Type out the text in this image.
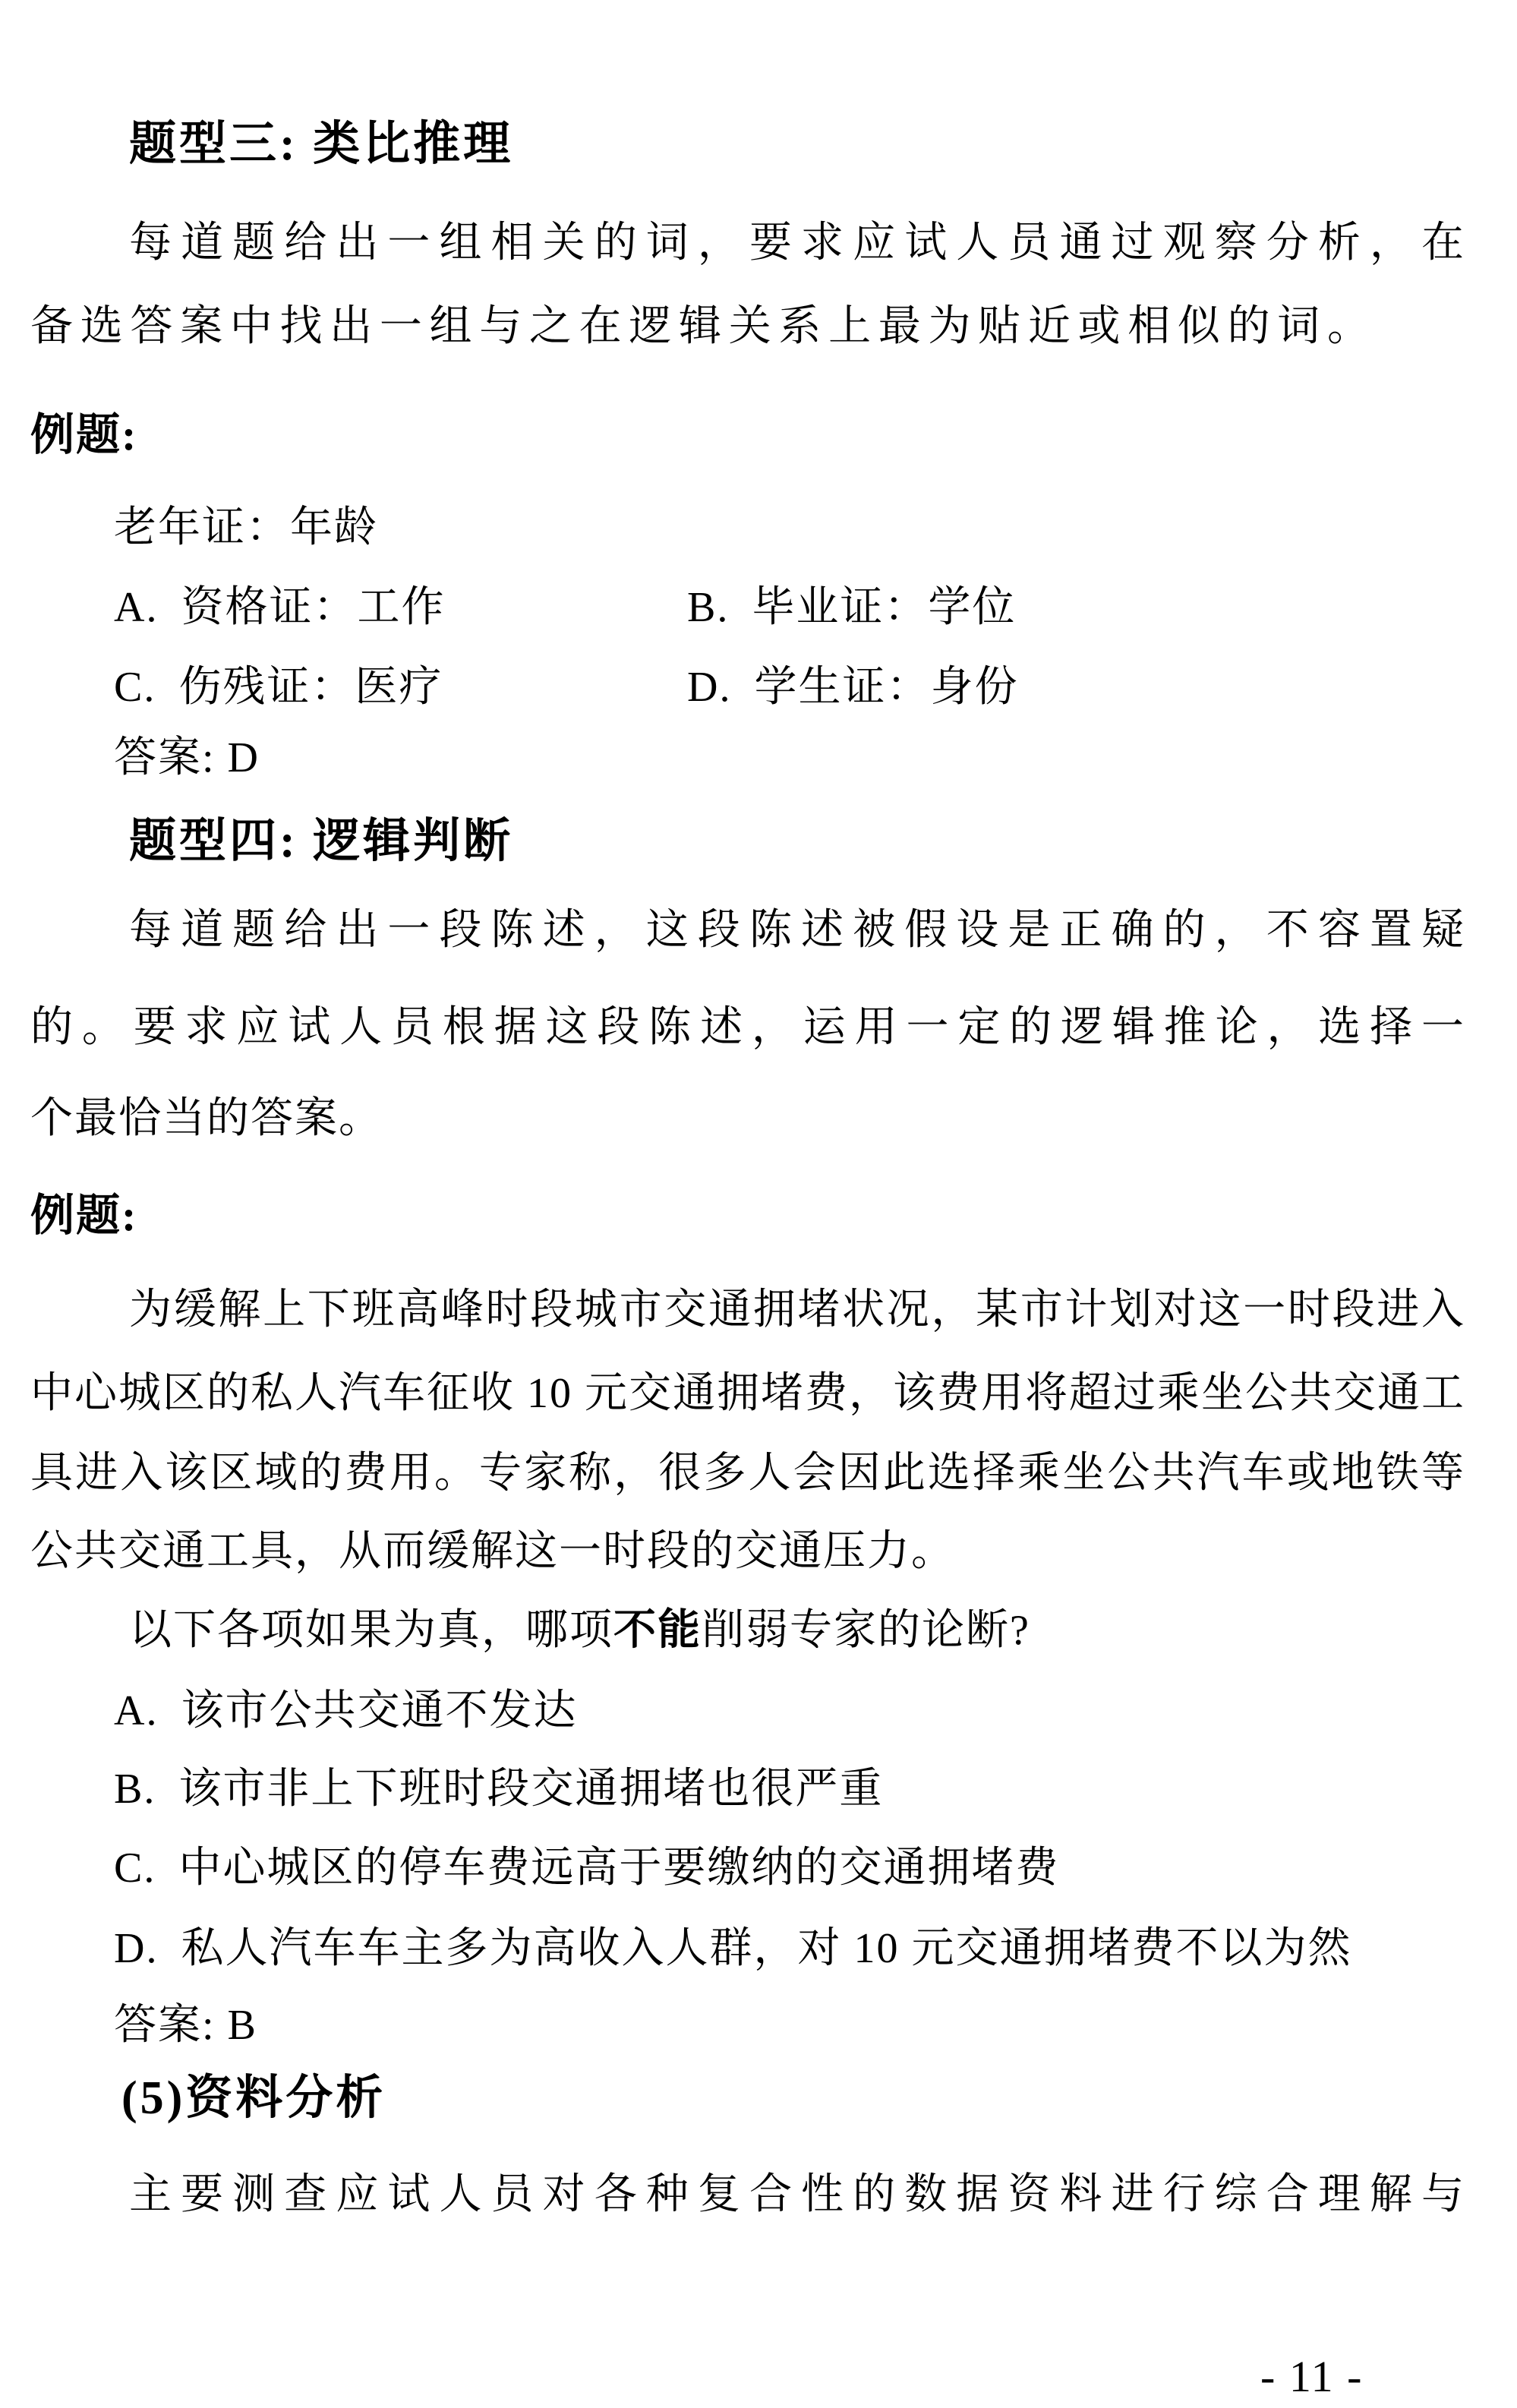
题型三: 类比推理
每道题给出一组相关的词，要求应试人员通过观察分析，在
备选答案中找出一组与之在逻辑关系上最为贴近或相似的词。
例题:
老年证：年龄
A. 资格证：工作	B. 毕业证：学位
C. 伤残证：医疗	D. 学生证：身份
答案: D
题型四: 逻辑判断
每道题给出一段陈述，这段陈述被假设是正确的，不容置疑
的。要求应试人员根据这段陈述，运用一定的逻辑推论，选择一
个最恰当的答案。
例题:
为缓解上下班高峰时段城市交通拥堵状况，某市计划对这一时段进入
中心城区的私人汽车征收 10 元交通拥堵费，该费用将超过乘坐公共交通工
具进入该区域的费用。专家称，很多人会因此选择乘坐公共汽车或地铁等
公共交通工具，从而缓解这一时段的交通压力。
以下各项如果为真，哪项不能削弱专家的论断?
A. 该市公共交通不发达
B. 该市非上下班时段交通拥堵也很严重
C. 中心城区的停车费远高于要缴纳的交通拥堵费
D. 私人汽车车主多为高收入人群，对 10 元交通拥堵费不以为然
答案: B
(5)资料分析
主要测查应试人员对各种复合性的数据资料进行综合理解与
- 11 -
